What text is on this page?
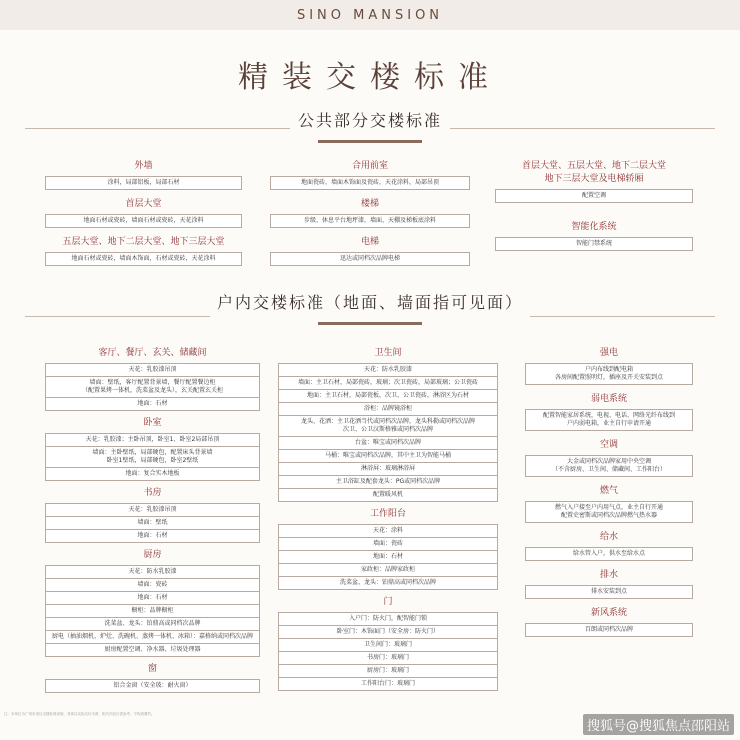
SINO MANSION
精装交楼标准
公共部分交楼标准
外墙
涂料，局部铝板，局部石材
首层大堂
地面石材或瓷砖，墙面石材或瓷砖，天花涂料
五层大堂、地下二层大堂、地下三层大堂
地面石材或瓷砖，墙面木饰面，石材或瓷砖，天花涂料
合用前室
地面瓷砖，墙面木饰面及瓷砖，天花涂料，局部吊顶
楼梯
步级、休息平台地坪漆，墙面、天棚及梯板底涂料
电梯
迅达或同档次品牌电梯
首层大堂、五层大堂、地下二层大堂
地下三层大堂及电梯轿厢
配置空调
智能化系统
智能门禁系统
户内交楼标准（地面、墙面指可见面）
客厅、餐厅、玄关、储藏间
天花：乳胶漆吊顶
墙面：壁纸，客厅配置背景墙，餐厅配置餐边柜
（配置果烤一体机，洗菜盆及龙头），玄关配置玄关柜
地面：石材
卧室
天花：乳胶漆；主卧吊顶，卧室1、卧室2局部吊顶
墙面：主卧壁纸，局部硬包，配置床头背景墙
卧室1壁纸，局部硬包，卧室2壁纸
地面：复合实木地板
书房
天花：乳胶漆吊顶
墙面：壁纸
地面：石材
厨房
天花：防水乳胶漆
墙面：瓷砖
地面：石材
橱柜：品牌橱柜
洗菜盆、龙头：铂鼎高或同档次品牌
厨电（抽油烟机、炉灶、洗碗机、蒸烤一体机、冰箱）：嘉格纳或同档次品牌
厨房配置空调、净水器、垃圾处理器
窗
铝合金窗（安全玻：耐火窗）
卫生间
天花：防水乳胶漆
墙面：主卫石材，局部瓷砖，玻璃；次卫瓷砖，局部玻璃；公卫瓷砖
地面：主卫石材，局部瓷板，次卫、公卫瓷砖，淋浴区为石材
浴柜：品牌镜浴柜
龙头、花洒：主卫花洒当代或同档次品牌，龙头科勒或同档次品牌
次卫、公卫汉斯格雅或同档次品牌
台盆：唯宝或同档次品牌
马桶：唯宝或同档次品牌，其中主卫为智能马桶
淋浴屏：玻璃淋浴屏
主卫浴缸及配套龙头：PG或同档次品牌
配置暖风机
工作阳台
天花：涂料
墙面：瓷砖
地面：石材
家政柜：品牌家政柜
洗菜盆、龙头：铂鼎高或同档次品牌
门
入户门：防火门，配智能门锁
卧室门：木饰面门（安全房：防火门）
卫生间门：玻璃门
书房门：玻璃门
厨房门：玻璃门
工作阳台门：玻璃门
强电
户内布线到配电箱
各房间配置照明灯，插座及开关安装到点
弱电系统
配置智能家居系统，电视、电话、网络光纤布线到
户内弱电箱，业主自行申请开通
空调
大金或同档次品牌家用中央空调
（不含厨房、卫生间、储藏间、工作阳台）
燃气
燃气入户接至户内用气点，业主自行开通
配置史密斯或同档次品牌燃气热水器
给水
给水管入户，供水至给水点
排水
排水安装到点
新风系统
百朗或同档次品牌
注：本单位为广州市项目交楼标准说明，具体以实际交付为准，相关内容仅供参考，不构成要约。
搜狐号@搜狐焦点邵阳站
